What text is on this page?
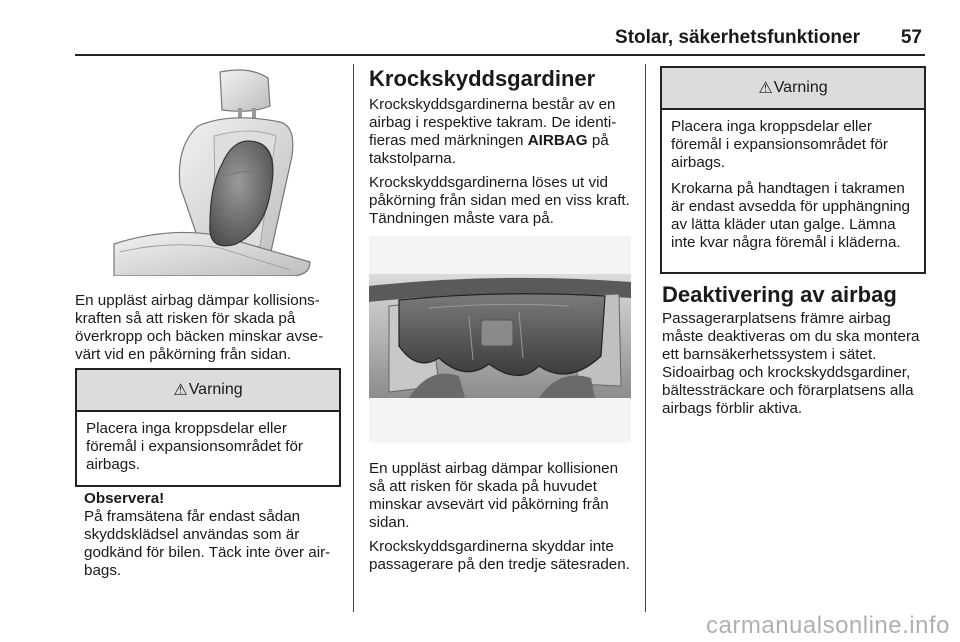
Stolar, säkerhetsfunktioner	57
En uppläst airbag dämpar kollisionskraften så att risken för skada på överkropp och bäcken minskar avsevärt vid en påkörning från sidan.
⚠ Varning

Placera inga kroppsdelar eller föremål i expansionsområdet för airbags.

Observera!
På framsätena får endast sådan skyddsklädsel användas som är godkänd för bilen. Täck inte över airbags.
Krockskyddsgardiner

Krockskyddsgardinerna består av en airbag i respektive takram. De identifieras med märkningen AIRBAG på takstolparna.

Krockskyddsgardinerna löses ut vid påkörning från sidan med en viss kraft. Tändningen måste vara på.

En uppläst airbag dämpar kollisionen så att risken för skada på huvudet minskar avsevärt vid påkörning från sidan.

Krockskyddsgardinerna skyddar inte passagerare på den tredje sätesraden.

⚠ Varning

Placera inga kroppsdelar eller föremål i expansionsområdet för airbags.

Krokarna på handtagen i takramen är endast avsedda för upphängning av lätta kläder utan galge. Lämna inte kvar några föremål i kläderna.

Deaktivering av airbag

Passagerarplatsens främre airbag måste deaktiveras om du ska montera ett barnsäkerhetssystem i sätet. Sidoairbag och krockskyddsgardiner, bältessträckare och förarplatsens alla airbags förblir aktiva.

carmanualsonline.info
